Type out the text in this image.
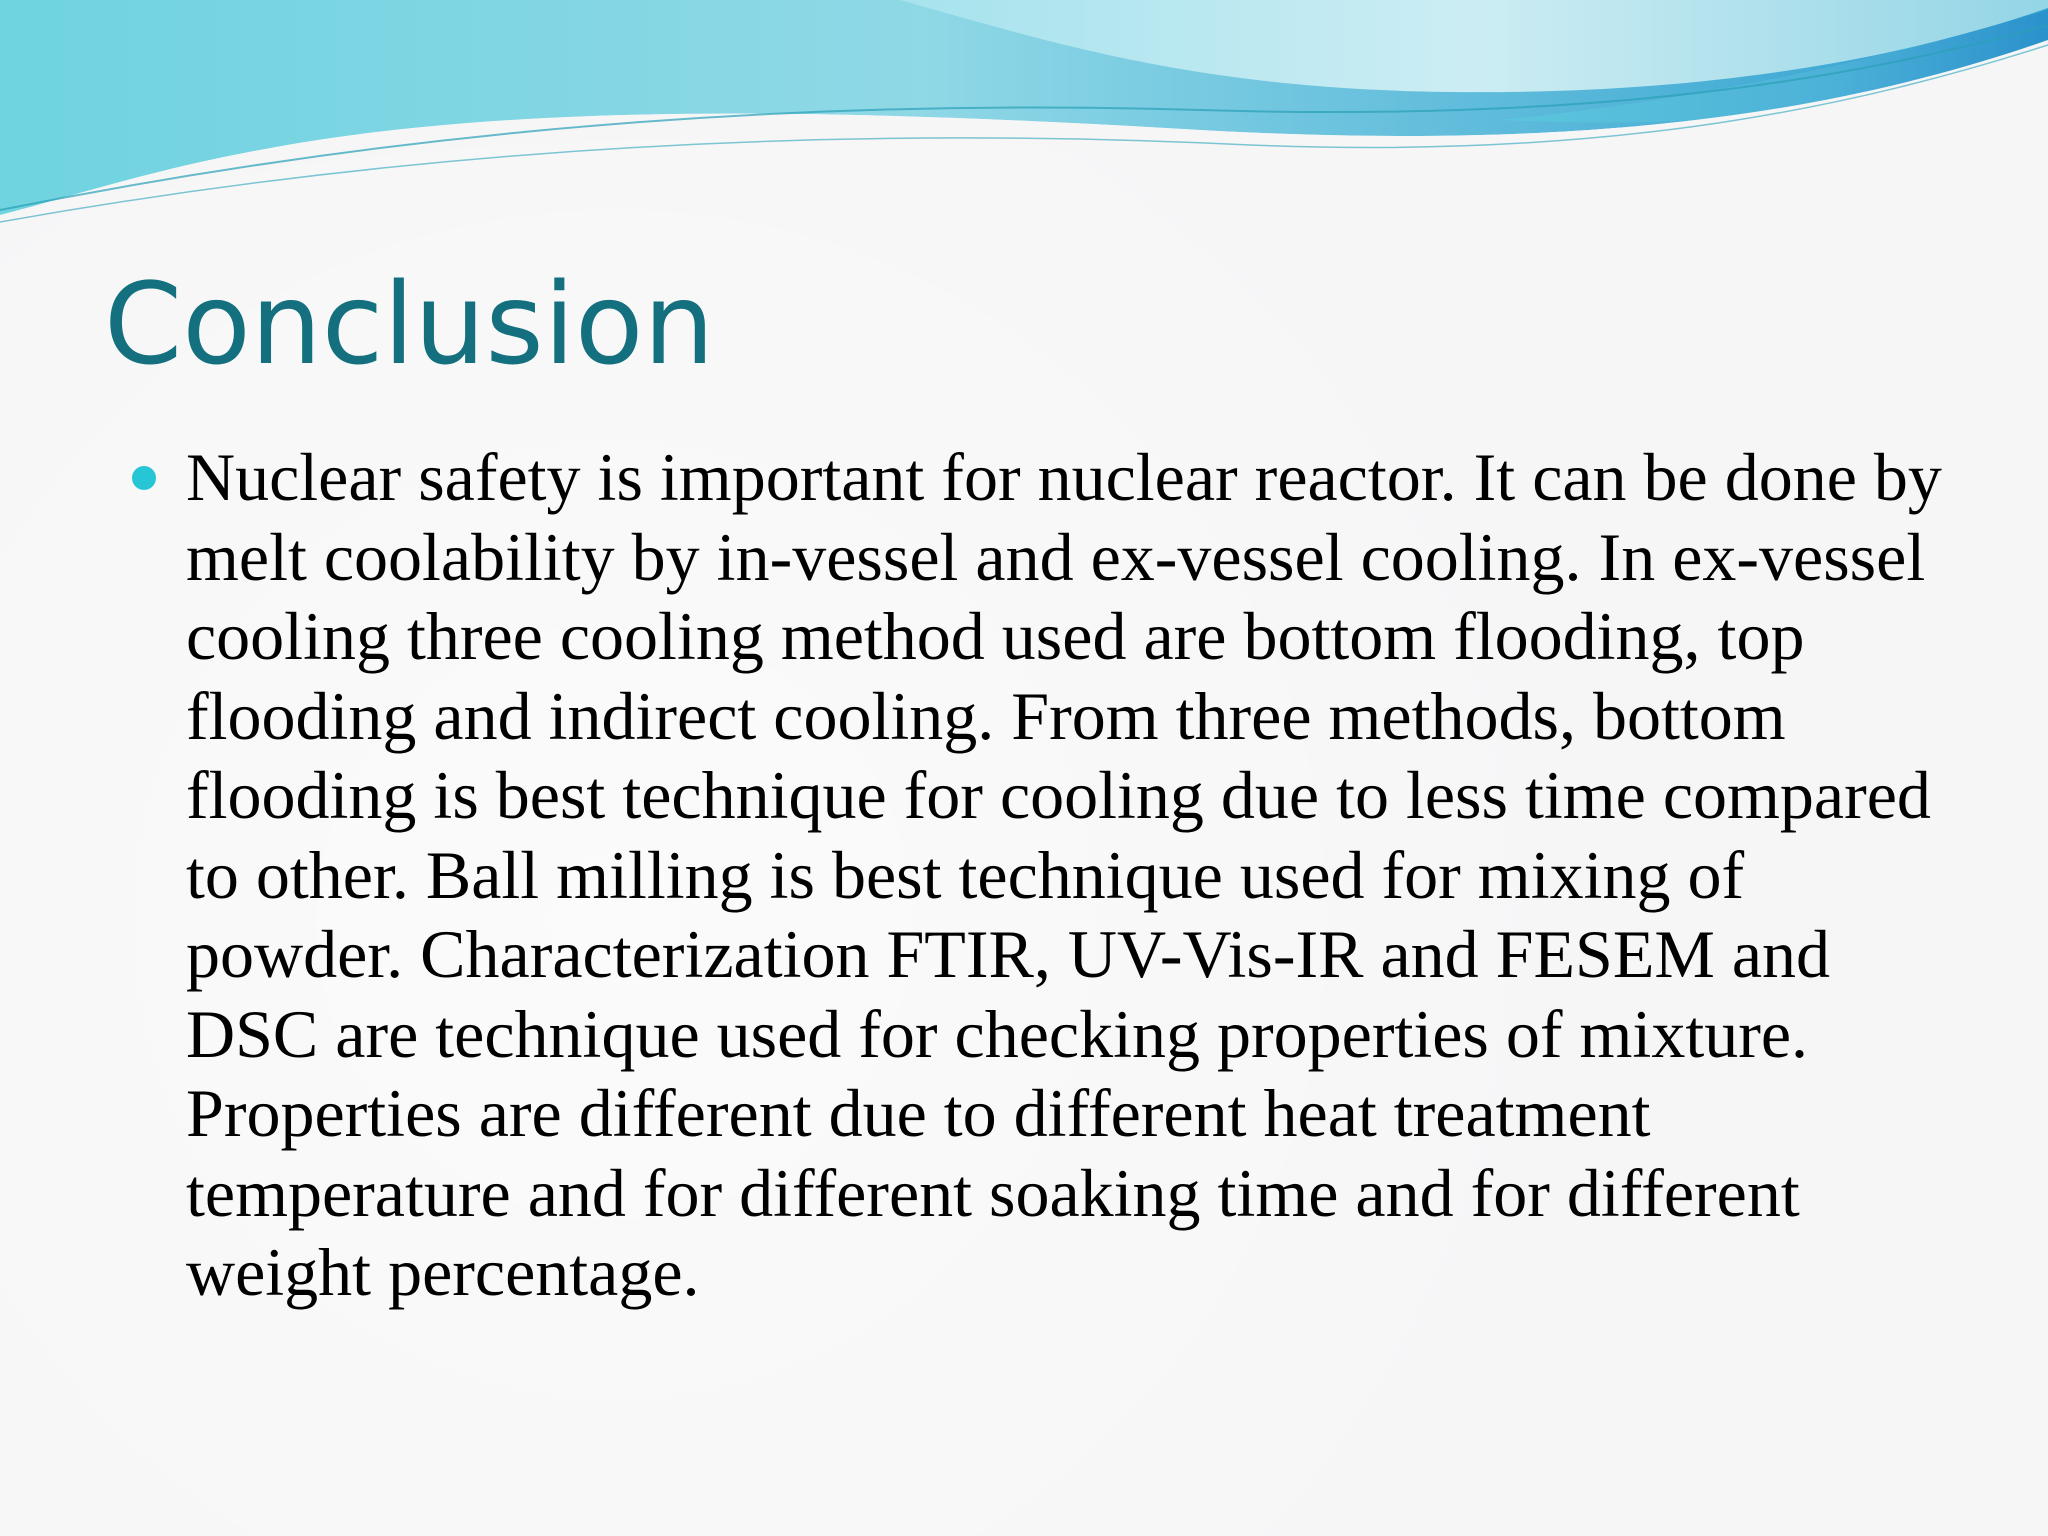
Conclusion
Nuclear safety is important for nuclear reactor. It can be done by melt coolability by in-vessel and ex-vessel cooling. In ex-vessel cooling three cooling method used are bottom flooding, top flooding and indirect cooling. From three methods, bottom flooding is best technique for cooling due to less time compared to other. Ball milling is best technique used for mixing of powder. Characterization FTIR, UV-Vis-IR and FESEM and DSC are technique used for checking properties of mixture. Properties are different due to different heat treatment temperature and for different soaking time and for different weight percentage.
